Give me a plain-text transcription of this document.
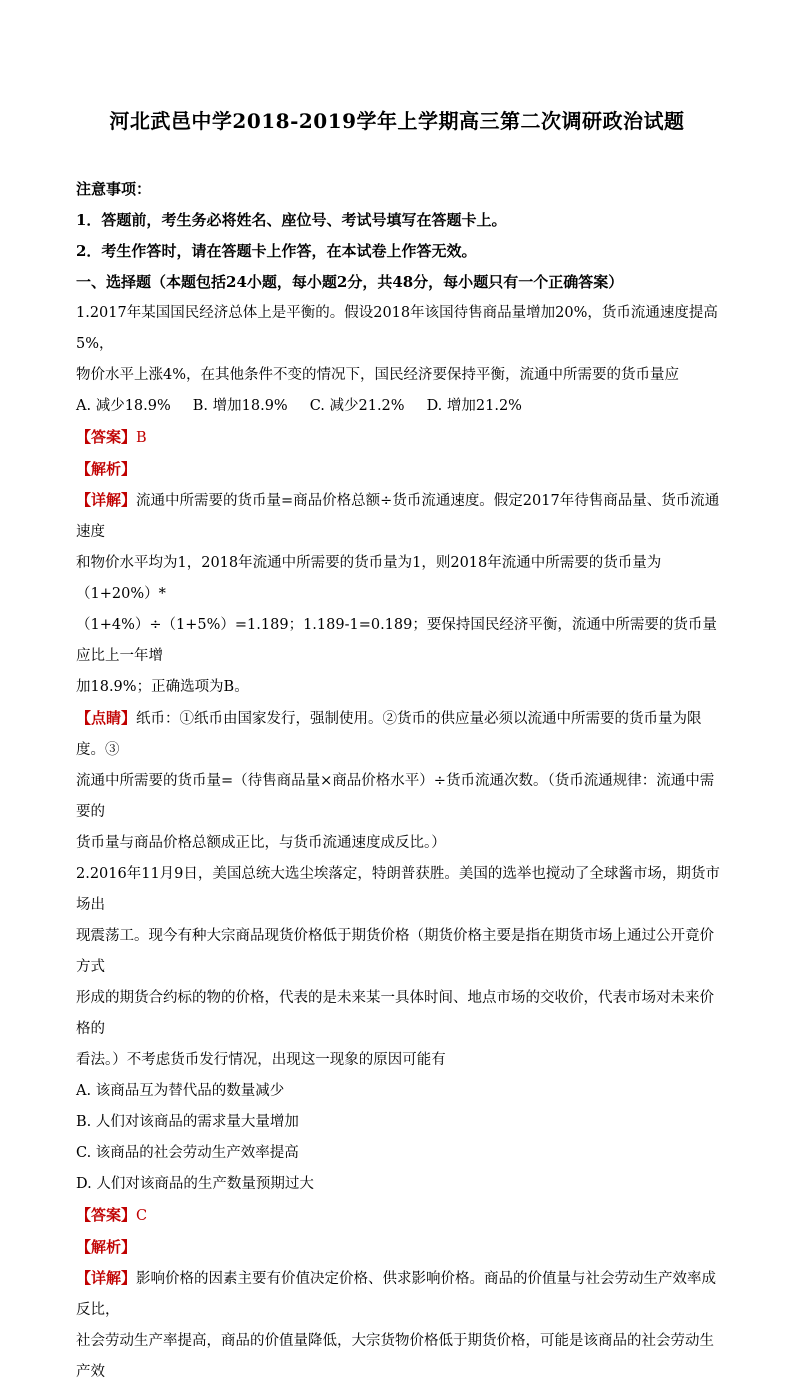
河北武邑中学2018-2019学年上学期高三第二次调研政治试题

注意事项：

1．答题前，考生务必将姓名、座位号、考试号填写在答题卡上。

2．考生作答时，请在答题卡上作答，在本试卷上作答无效。

一、选择题（本题包括24小题，每小题2分，共48分，每小题只有一个正确答案）

1.2017年某国国民经济总体上是平衡的。假设2018年该国待售商品量增加20%，货币流通速度提高5%，

物价水平上涨4%，在其他条件不变的情况下，国民经济要保持平衡，流通中所需要的货币量应

A. 减少18.9% B. 增加18.9% C. 减少21.2% D. 增加21.2%

【答案】B

【解析】

【详解】流通中所需要的货币量=商品价格总额÷货币流通速度。假定2017年待售商品量、货币流通速度

和物价水平均为1，2018年流通中所需要的货币量为1，则2018年流通中所需要的货币量为（1+20%）*

（1+4%）÷（1+5%）=1.189；1.189-1=0.189；要保持国民经济平衡，流通中所需要的货币量应比上一年增

加18.9%；正确选项为B。

【点睛】纸币：①纸币由国家发行，强制使用。②货币的供应量必须以流通中所需要的货币量为限度。③

流通中所需要的货币量=（待售商品量×商品价格水平）÷货币流通次数。（货币流通规律：流通中需要的

货币量与商品价格总额成正比，与货币流通速度成反比。）

2.2016年11月9日，美国总统大选尘埃落定，特朗普获胜。美国的选举也搅动了全球酱市场，期货市场出

现震荡工。现今有种大宗商品现货价格低于期货价格（期货价格主要是指在期货市场上通过公开竟价方式

形成的期货合约标的物的价格，代表的是未来某一具体时间、地点市场的交收价，代表市场对未来价格的

看法。）不考虑货币发行情况，出现这一现象的原因可能有

A. 该商品互为替代品的数量减少

B. 人们对该商品的需求量大量增加

C. 该商品的社会劳动生产效率提高

D. 人们对该商品的生产数量预期过大

【答案】C

【解析】

【详解】影响价格的因素主要有价值决定价格、供求影响价格。商品的价值量与社会劳动生产效率成反比，

社会劳动生产率提高，商品的价值量降低，大宗货物价格低于期货价格，可能是该商品的社会劳动生产效
